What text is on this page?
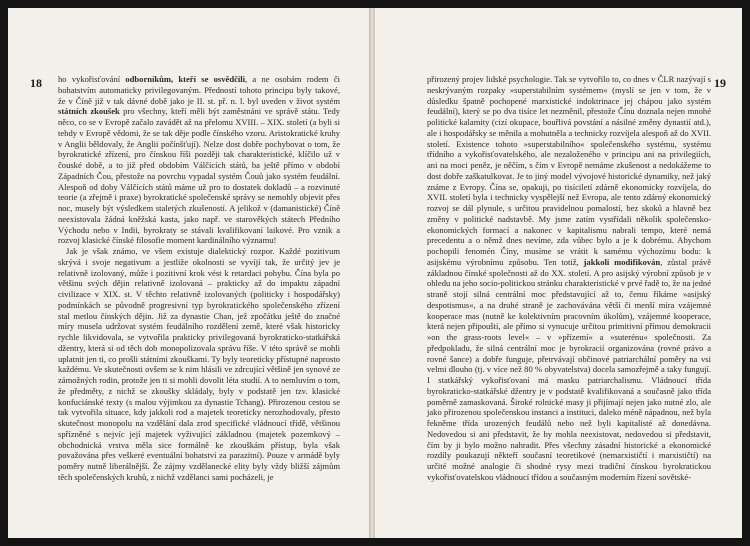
18 ho vykořisťování odborníkům, kteří se osvědčili, a ne osobám rodem či bohatstvím automaticky privilegovaným. Předností tohoto principu byly takové, že v Číně již v tak dávné době jako je II. st. př. n. l. byl uveden v život systém státních zkoušek pro všechny, kteří měli být zaměstnáni ve správě státu. Tedy něco, co se v Evropě začalo zavádět až na přelomu XVIII. – XIX. století (a byli si tehdy v Evropě vědomi, že se tak děje podle čínského vzoru. Aristokratické kruhy v Anglii běldovaly, že Anglii počínšťují). Nelze dost dobře pochybovat o tom, že byrokratické zřízení, pro čínskou říši později tak charakteristické, klíčilo už v čouské době, a to již před obdobím Válčících států, ba ještě přímo v období Západních Čou, přestože na povrchu vypadal systém Čouů jako systém feudální. Alespoň od doby Válčících států máme už pro to dostatek dokladů – a rozvinuté teorie (a zřejmě i praxe) byrokratické společenské správy se nemohly objevit přes noc, musely být výsledkem staletých zkušeností. A jelikož v (damanistické) Číně neexistovala žádná kněžská kasta, jako např. ve starověkých státech Předního Východu nebo v Indii, byrokraty se stávali kvalifikovaní laikové. Pro vznik a rozvoj klasické čínské filosofie moment kardinálního významu!

Jak je však známo, ve všem existuje dialektický rozpor. Každé pozitivum skrývá i svoje negativum a jestliže okolnosti se vyvíjí tak, že určitý jev je relativně izolovaný, může i pozitivní krok vést k retardaci pohybu. Čína byla po většinu svých dějin relativně izolovaná – prakticky až do impaktu západní civilizace v XIX. st. V těchto relativně izolovaných (politicky i hospodářsky) podmínkách se původně progresivní typ byrokratického společenského zřízení stal metlou čínských dějin. Již za dynastie Chan, jež zpočátku ještě do značné míry musela udržovat systém feudálního rozdělení země, které však historicky rychle likvidovala, se vytvořila prakticky privilegovaná byrokraticko-statkářská džentry, která si od těch dob monopolizovala správu říše. V této správě se mohli uplatnit jen ti, co prošli státními zkouškami. Ty byly teoreticky přístupné naprosto každému. Ve skutečnosti ovšem se k nim hlásili ve zdrcující většině jen synové ze zámožných rodin, protože jen ti si mohli dovolit léta studií. A to nemluvím o tom, že předměty, z nichž se zkoušky skládaly, byly v podstatě jen tzv. klasické konfuciánské texty (s malou výjimkou za dynastie Tchang). Přirozenou cestou se tak vytvořila situace, kdy jakkoli rod a majetek teoreticky nerozhodovaly, přesto skutečnost monopolu na vzdělání dala zrod specifické vládnoucí třídě, většinou spřízněné s nejvíc její majetek vyživující základnou (majetek pozemkový – obchodnická vrstva měla sice formálně ke zkouškám přístup, byla však považována přes veškeré eventuální bohatství za parazitní). Pouze v armádě byly poměry nutně liberálnější. Že zájmy vzdělanecké elity byly vždy bližší zájmům těch společenských kruhů, z nichž vzdělanci sami pocházeli, je

19

přirozený projev lidské psychologie. Tak se vytvořilo to, co dnes v ČLR nazývají s neskrývaným rozpaky »superstabilním systémem« (myslí se jen v tom, že v důsledku špatně pochopené marxistické indoktrinace jej chápou jako systém feudální), který se po dva tisíce let nezměnil, přestože Čínu doznala nejen mnohé politické kalamity (cizí okupace, bouřlivá povstání a násilné změny dynastií atd.), ale i hospodářsky se měnila a mohutněla a technicky rozvíjela alespoň až do XVII. století. Existence tohoto »superstabilního« společenského systému, systému třídního a vykořisťovatelského, ale nezaloženého v principu ani na privilegiích, ani na moci peněz, je něčím, s čím v Evropě nemáme zkušenost a nedokážeme to dost dobře zaškatulkovat. Je to jiný model vývojové historické dynamiky, než jaký známe z Evropy. Čína se, opakuji, po tisíciletí zdárně ekonomicky rozvíjela, do XVII. století byla i technicky vyspělejší než Evropa, ale tento zdárný ekonomický rozvoj se dál plynule, s určitou pravidelnou pomalostí, bez skoků a hlavně bez změny v politické nadstavbě. My jsme zatím vystřídali několik společensko-ekonomických formací a nakonec v kapitalismu nabrali tempo, které nemá precedentu a o němž dnes nevíme, zda vůbec bylo a je k dobrému. Abychom pochopili fenomén Číny, musíme se vrátit k samému výchozímu bodu: k asijskému výrobnímu způsobu. Ten totiž, jakkoli modifikován, zůstal právě základnou čínské společnosti až do XX. století. A pro asijský výrobní způsob je v ohledu na jeho socio-politickou stránku charakteristické v prvé řadě to, že na jedné straně stojí silná centrální moc představující až to, čemu říkáme »asijský despotismus«, a na druhé straně je zachovávána větší či menší míra vzájemné kooperace mas (nutně ke kolektivním pracovním úkolům), vzájemné kooperace, která nejen připouští, ale přímo si vynucuje určitou primitivní přímou demokracii »on the grass-roots level« – v »přízemí« a »suterénu« společnosti. Za předpokladu, že silná centrální moc je byrokracií organizována (rovné právo a rovné šance) a dobře funguje, přetrvávají občinové patriarchální poměry na vsi velmi dlouho (tj. v více než 80 % obyvatelstva) docela samozřejmě a taky fungují. I statkářský vykořisťovaní má masku patriarchalismu. Vládnoucí třída byrokraticko-statkářské džentry je v podstatě kvalifikovaná a současně jako třída poměrně zamaskovaná. Široké rolnické masy ji přijímají nejen jako nutné zlo, ale jako přirozenou společenskou instanci a instituci, daleko méně nápadnou, než byla řekněme třída urozených feudálů nebo než byli kapitalisté až donedávna. Nedovedou si ani představit, že by mohla neexistovat, nedovedou si představit, čím by ji bylo možno nahradit. Přes všechny zásadní historické a ekonomické rozdíly poukazují někteří současní teoretikové (nemarxističtí i marxističtí) na určité možné analogie či shodné rysy mezi tradiční čínskou byrokratickou vykořisťovatelskou vládnoucí třídou a současným moderním řízení sovětské-
